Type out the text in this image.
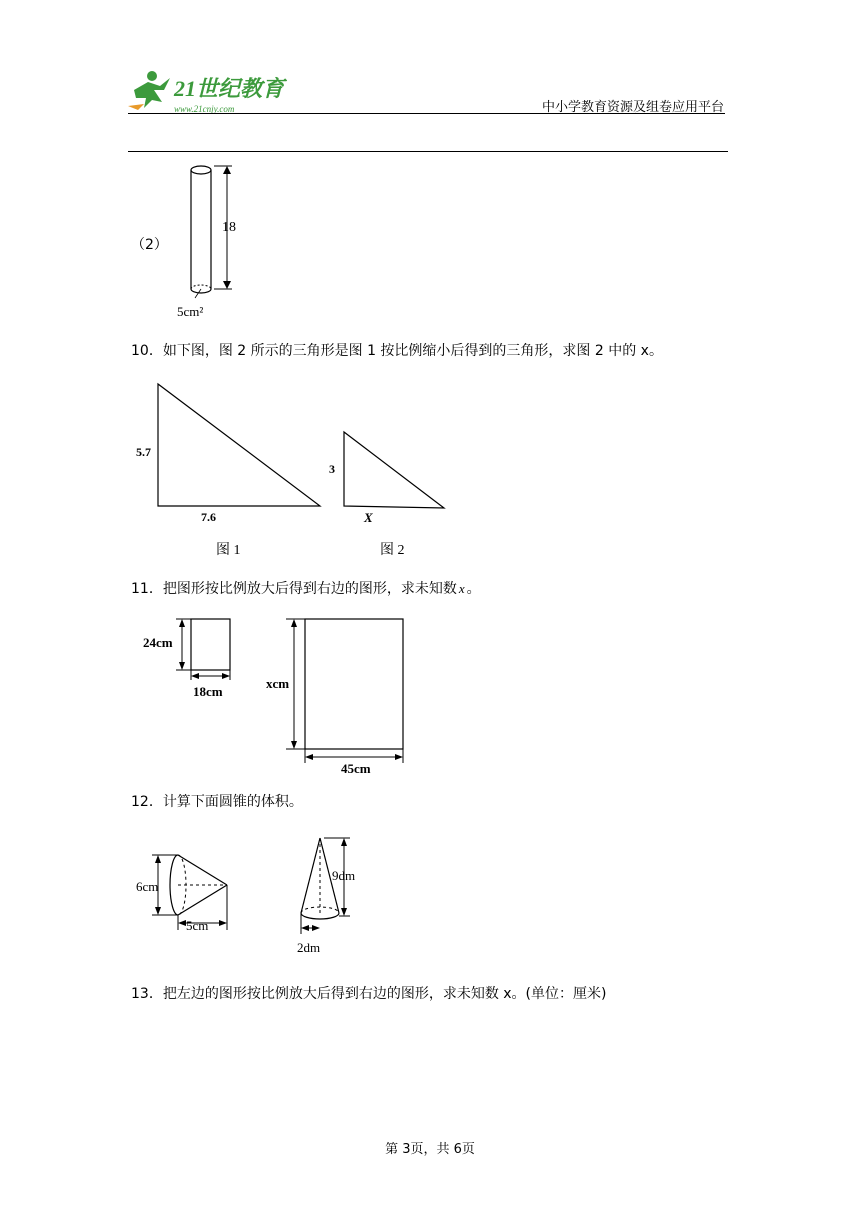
21世纪教育
www.21cnjy.com	中小学教育资源及组卷应用平台
（2）
18
5cm²
10．如下图，图 2 所示的三角形是图 1 按比例缩小后得到的三角形，求图 2 中的 x。
5.7
7.6
3
X
图 1	图 2
11．把图形按比例放大后得到右边的图形，求未知数 x 。
24cm
18cm
xcm
45cm
12．计算下面圆锥的体积。
6cm
5cm
9dm
2dm
13．把左边的图形按比例放大后得到右边的图形，求未知数 x。(单位：厘米)
第 3页，共 6页
